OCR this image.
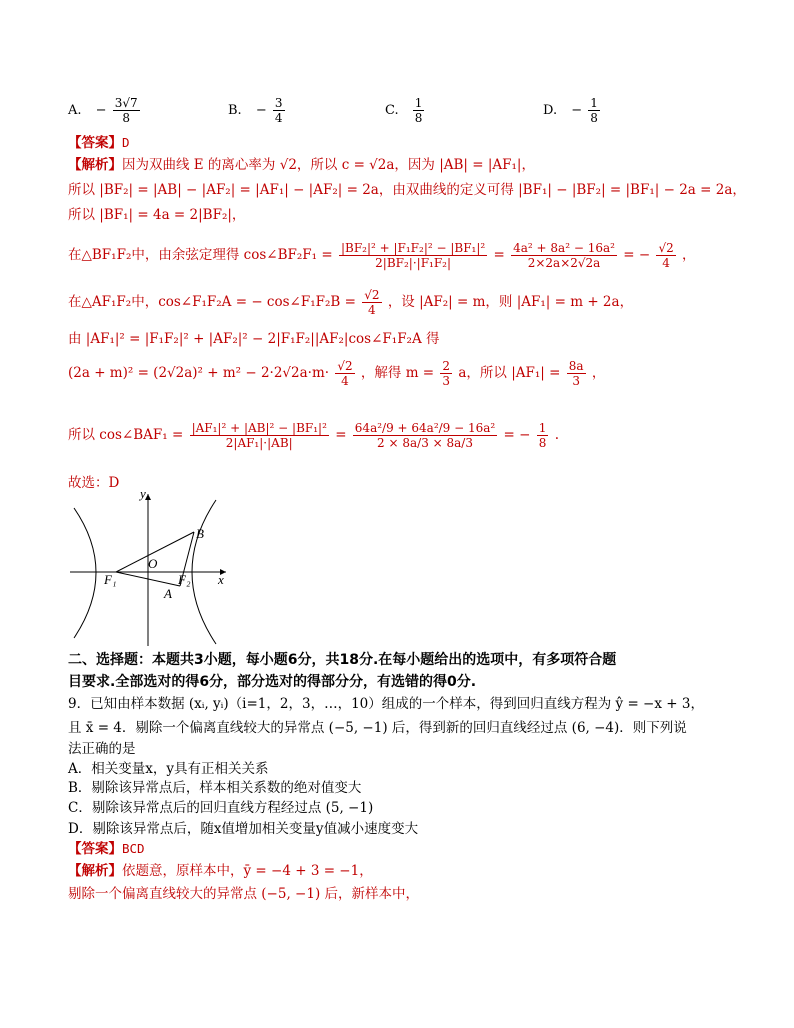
A. − $\frac{3√7}{8}$	B. − $\frac{3}{4}$	C. $\frac{1}{8}$	D. − $\frac{1}{8}$
【答案】D
【解析】因为双曲线 E 的离心率为 √2，所以 c = √2a，因为 |AB| = |AF₁|，
所以 |BF₂| = |AB| − |AF₂| = |AF₁| − |AF₂| = 2a，由双曲线的定义可得 |BF₁| − |BF₂| = |BF₁| − 2a = 2a，
所以 |BF₁| = 4a = 2|BF₂|，
在△BF₁F₂中，由余弦定理得 cos∠BF₂F₁ = $\frac{\text{|BF₂|² + |F₁F₂|² − |BF₁|²}}{\text{2|BF₂|·|F₁F₂|}} = \frac{\text{4a² + 8a² − 16a²}}{2\times 2a\times 2√2a}$ = − $\frac{√2}{4}$ ，
在△AF₁F₂中，cos∠F₁F₂A = − cos∠F₁F₂B = $\frac{√2}{4}$ ，设 |AF₂| = m，则 |AF₁| = m + 2a，
由 |AF₁|² = |F₁F₂|² + |AF₂|² − 2|F₁F₂||AF₂|cos∠F₁F₂A 得
$(2a + m)^2 = (2√2a)^2 + m^2 - 2\cdot 2√2a\cdot m\cdot \frac{√2}{4}$ ，解得 $m = \frac{2}{3}$ a，所以 $|AF_1| = \frac{8a}{3}$ ，
所以 cos∠BAF₁ = $\frac{\text{|AF₁|² + |AB|² − |BF₁|²}}{\text{2|AF₁|·|AB|}} = \frac{\text{64a²/9 + 64a²/9 − 16a²}}{2 \times 8a/3 \times 8a/3}$ = − $\frac{1}{8}$ .
故选：D
y
x
O
B
A
F₁	F₂
二、选择题：本题共3小题，每小题6分，共18分.在每小题给出的选项中，有多项符合题
目要求.全部选对的得6分，部分选对的得部分分，有选错的得0分.
9．已知由样本数据 (xᵢ, yᵢ)（i=1，2，3，…，10）组成的一个样本，得到回归直线方程为 ŷ = −x + 3，
且 x̄ = 4．剔除一个偏离直线较大的异常点 (−5, −1) 后，得到新的回归直线经过点 (6, −4)．则下列说
法正确的是
A．相关变量x，y具有正相关关系
B．剔除该异常点后，样本相关系数的绝对值变大
C．剔除该异常点后的回归直线方程经过点 (5, −1)
D．剔除该异常点后，随x值增加相关变量y值减小速度变大
【答案】BCD
【解析】依题意，原样本中，ȳ = −4 + 3 = −1，
剔除一个偏离直线较大的异常点 (−5, −1) 后，新样本中，
